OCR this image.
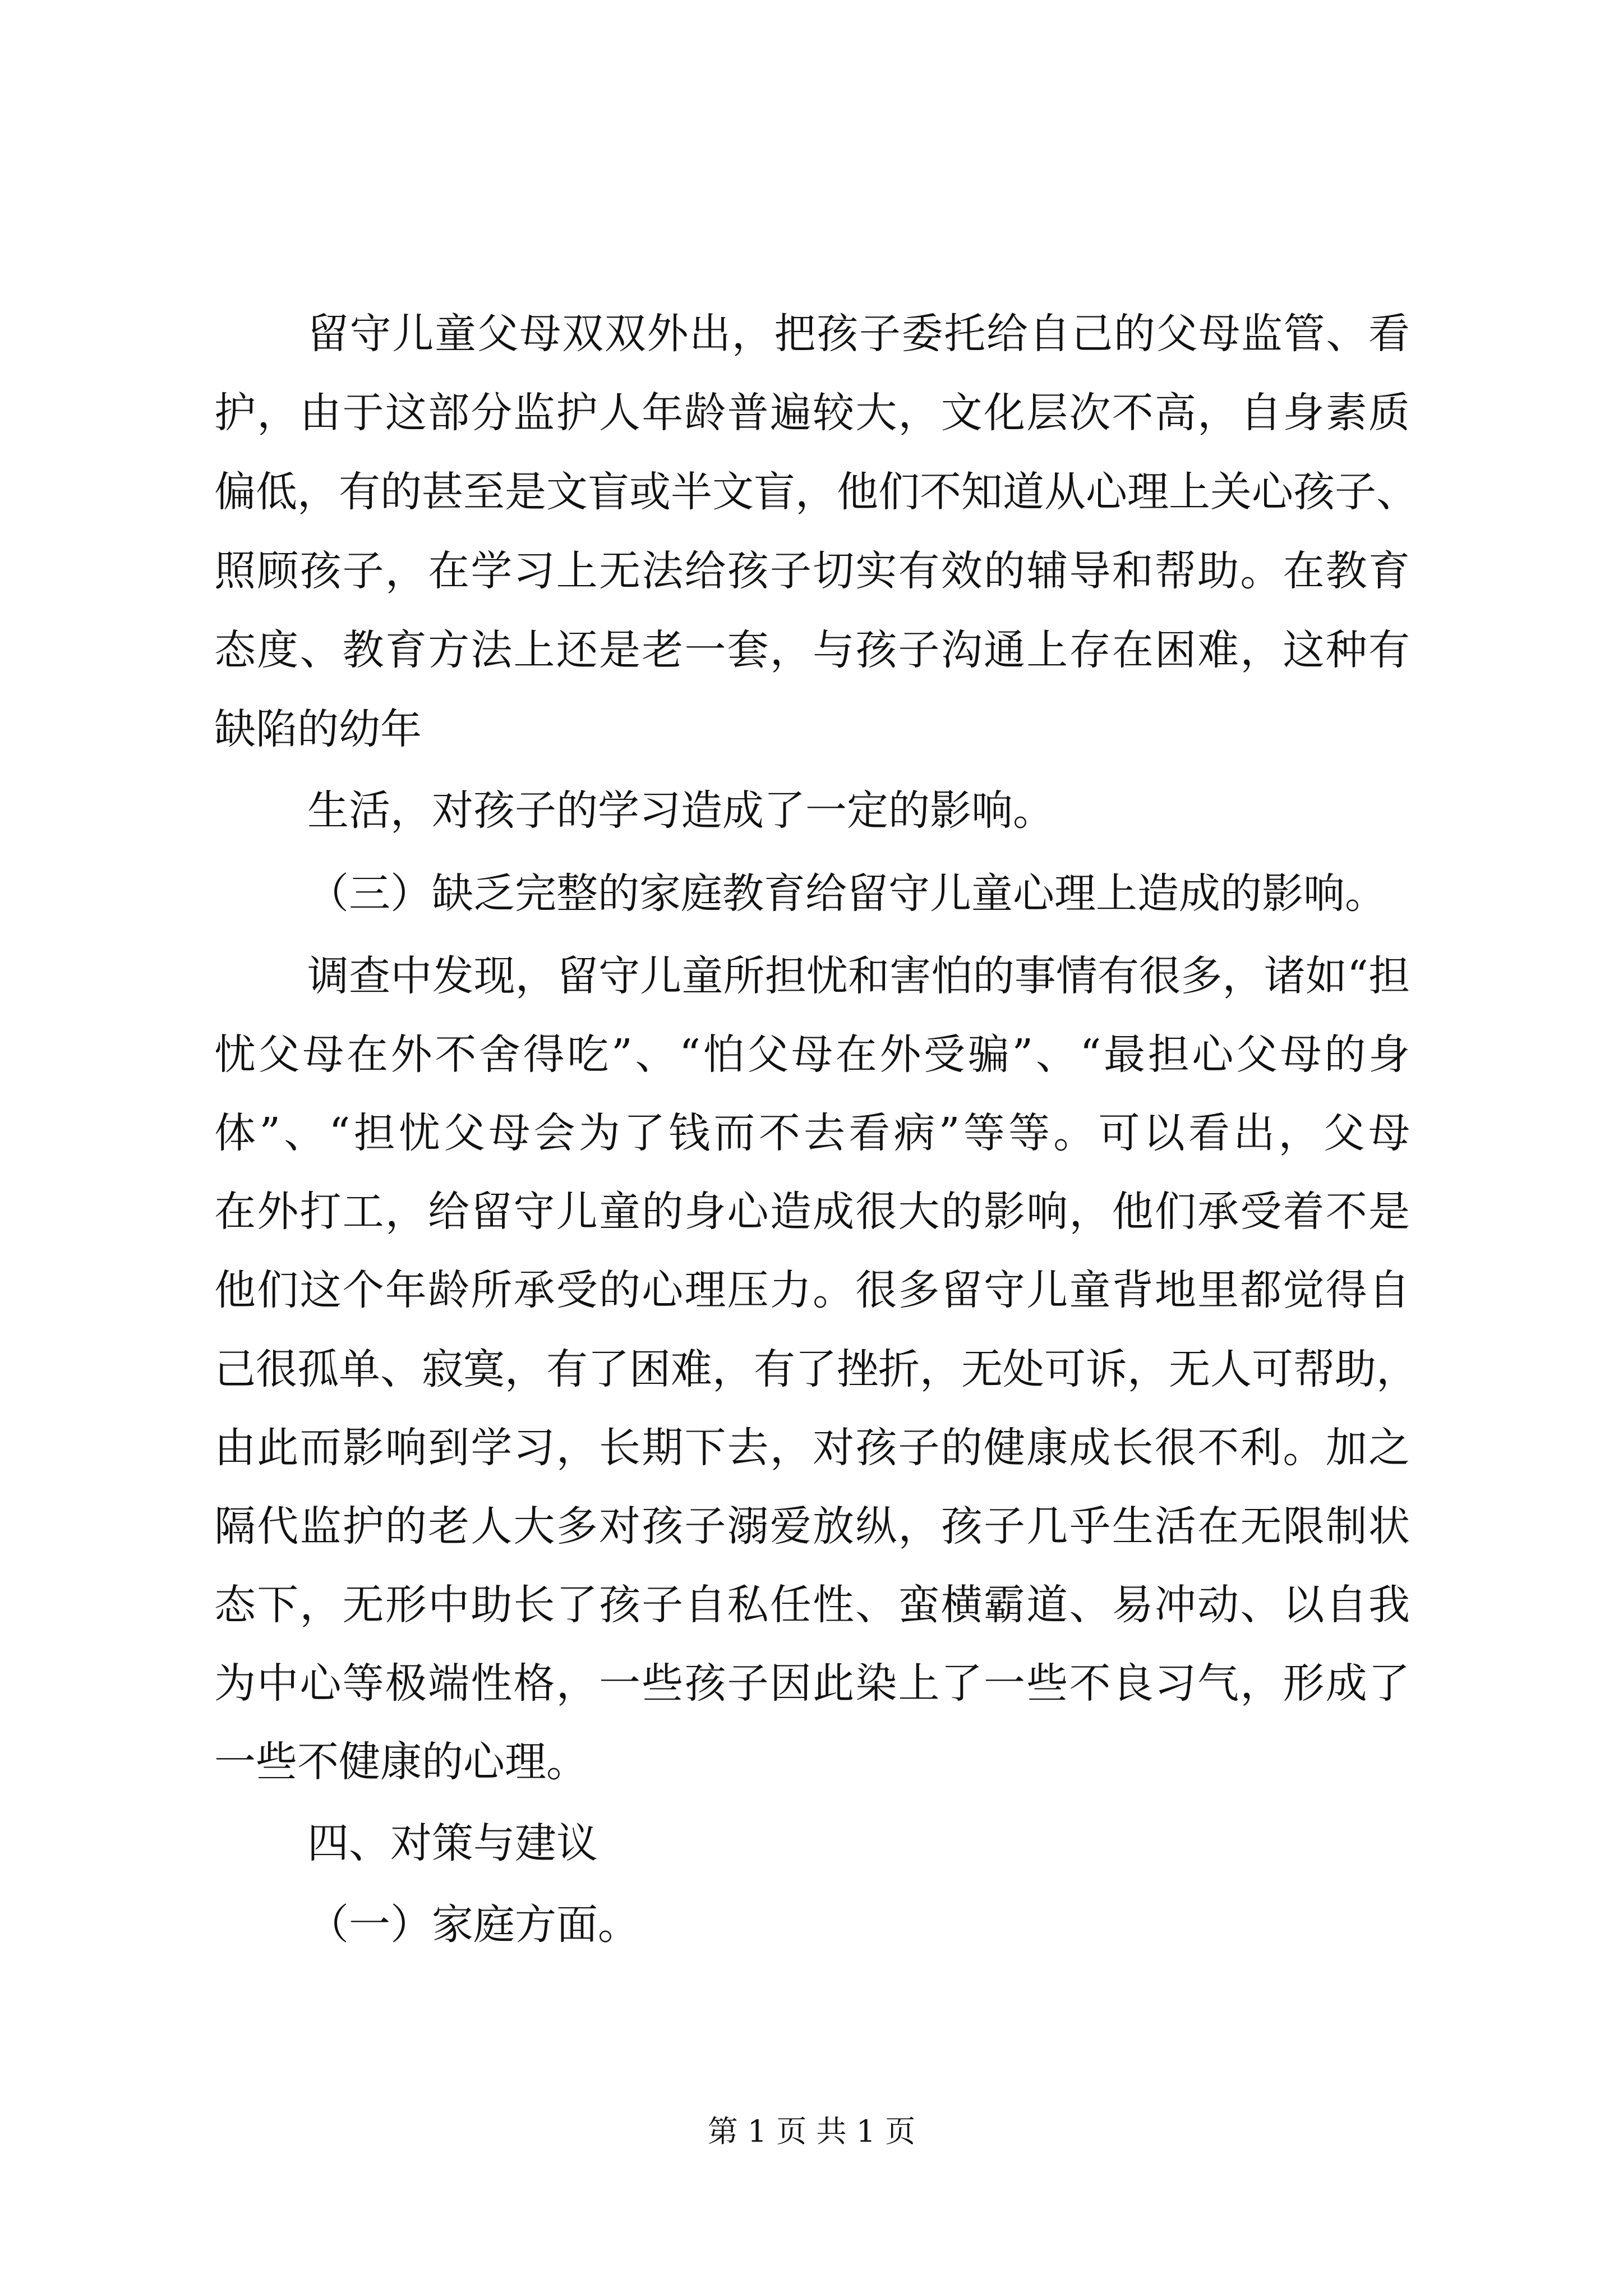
留守儿童父母双双外出，把孩子委托给自己的父母监管、看

护，由于这部分监护人年龄普遍较大，文化层次不高，自身素质

偏低，有的甚至是文盲或半文盲，他们不知道从心理上关心孩子、

照顾孩子，在学习上无法给孩子切实有效的辅导和帮助。在教育

态度、教育方法上还是老一套，与孩子沟通上存在困难，这种有

缺陷的幼年

生活，对孩子的学习造成了一定的影响。

（三）缺乏完整的家庭教育给留守儿童心理上造成的影响。

调查中发现，留守儿童所担忧和害怕的事情有很多，诸如“担

忧父母在外不舍得吃”、“怕父母在外受骗”、“最担心父母的身

体”、“担忧父母会为了钱而不去看病”等等。可以看出，父母

在外打工，给留守儿童的身心造成很大的影响，他们承受着不是

他们这个年龄所承受的心理压力。很多留守儿童背地里都觉得自

己很孤单、寂寞，有了困难，有了挫折，无处可诉，无人可帮助，

由此而影响到学习，长期下去，对孩子的健康成长很不利。加之

隔代监护的老人大多对孩子溺爱放纵，孩子几乎生活在无限制状

态下，无形中助长了孩子自私任性、蛮横霸道、易冲动、以自我

为中心等极端性格，一些孩子因此染上了一些不良习气，形成了

一些不健康的心理。

四、对策与建议

（一）家庭方面。

第 1 页 共 1 页
